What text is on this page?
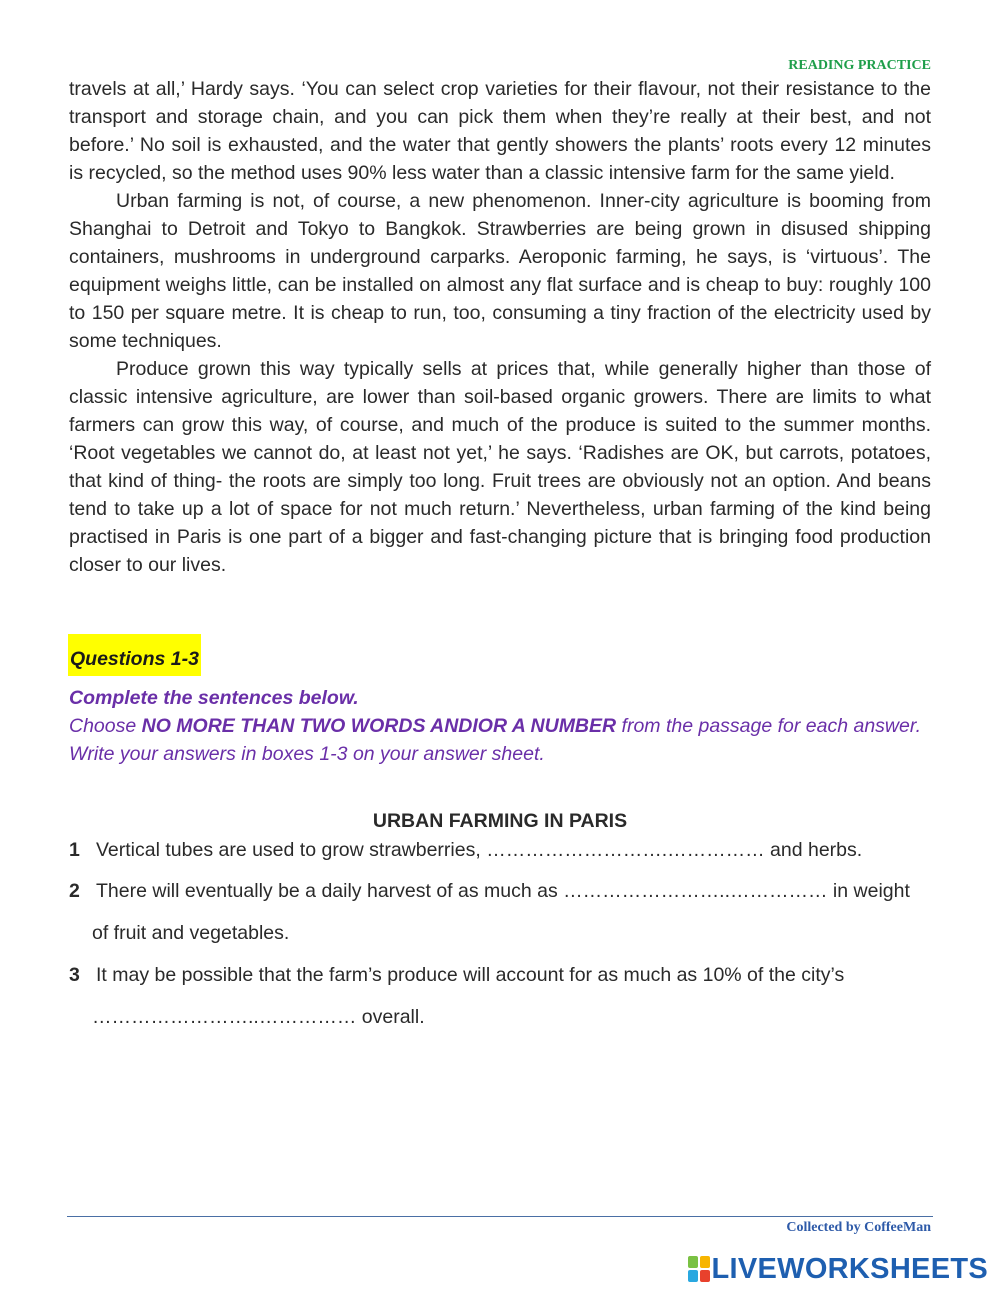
READING PRACTICE

travels at all,’ Hardy says. ‘You can select crop varieties for their flavour, not their resistance to the transport and storage chain, and you can pick them when they’re really at their best, and not before.’ No soil is exhausted, and the water that gently showers the plants’ roots every 12 minutes is recycled, so the method uses 90% less water than a classic intensive farm for the same yield.

Urban farming is not, of course, a new phenomenon. Inner-city agriculture is booming from Shanghai to Detroit and Tokyo to Bangkok. Strawberries are being grown in disused shipping containers, mushrooms in underground carparks. Aeroponic farming, he says, is ‘virtuous’. The equipment weighs little, can be installed on almost any flat surface and is cheap to buy: roughly 100 to 150 per square metre. It is cheap to run, too, consuming a tiny fraction of the electricity used by some techniques.

Produce grown this way typically sells at prices that, while generally higher than those of classic intensive agriculture, are lower than soil-based organic growers. There are limits to what farmers can grow this way, of course, and much of the produce is suited to the summer months. ‘Root vegetables we cannot do, at least not yet,’ he says. ‘Radishes are OK, but carrots, potatoes, that kind of thing- the roots are simply too long. Fruit trees are obviously not an option. And beans tend to take up a lot of space for not much return.’ Nevertheless, urban farming of the kind being practised in Paris is one part of a bigger and fast-changing picture that is bringing food production closer to our lives.

Questions 1-3

Complete the sentences below.

Choose NO MORE THAN TWO WORDS ANDIOR A NUMBER from the passage for each answer.

Write your answers in boxes 1-3 on your answer sheet.

URBAN FARMING IN PARIS
1 Vertical tubes are used to grow strawberries, ……………………….…………… and herbs.
2 There will eventually be a daily harvest of as much as ……………………..…………… in weight
of fruit and vegetables.
3 It may be possible that the farm’s produce will account for as much as 10% of the city’s
……………………..…………… overall.
Collected by CoffeeMan
LIVEWORKSHEETS
